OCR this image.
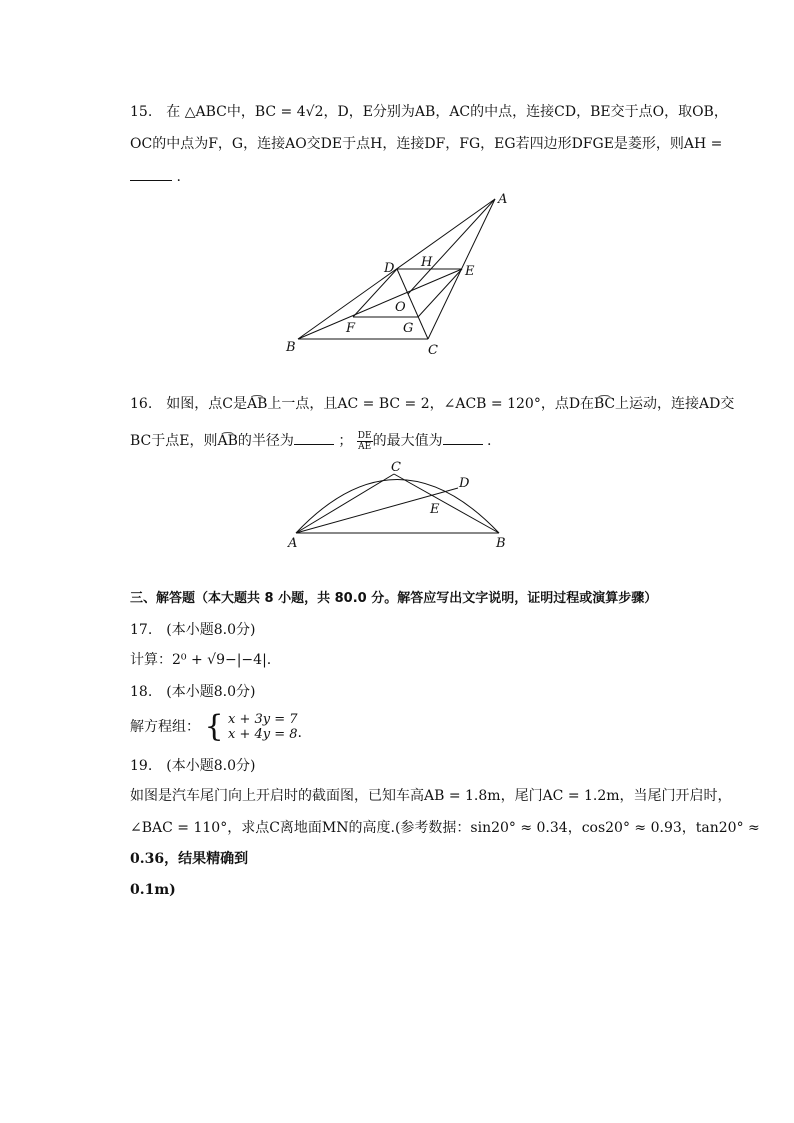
15. 在 △ABC中，BC = 4√2，D，E分别为AB，AC的中点，连接CD，BE交于点O，取OB，
OC的中点为F，G，连接AO交DE于点H，连接DF，FG，EG若四边形DFGE是菱形，则AH =
.
A
B	C
D	E
F	G
H
O
16. 如图，点C是A͡B上一点，且AC = BC = 2，∠ACB = 120°，点D在B͡C上运动，连接AD交
BC于点E，则A͡B的半径为	； $\frac{DE}{AE}$ 的最大值为	.
A	B
C
D
E
三、解答题（本大题共 8 小题，共 80.0 分。解答应写出文字说明，证明过程或演算步骤）
17. (本小题8.0分)
计算：2⁰ + √9−|−4|.
18. (本小题8.0分)
解方程组： { x + 3y = 7
x + 4y = 8 .
19. (本小题8.0分)
如图是汽车尾门向上开启时的截面图，已知车高AB = 1.8m，尾门AC = 1.2m，当尾门开启时，
∠BAC = 110°，求点C离地面MN的高度.(参考数据：sin20° ≈ 0.34，cos20° ≈ 0.93，tan20° ≈
0.36，结果精确到
0.1m)
